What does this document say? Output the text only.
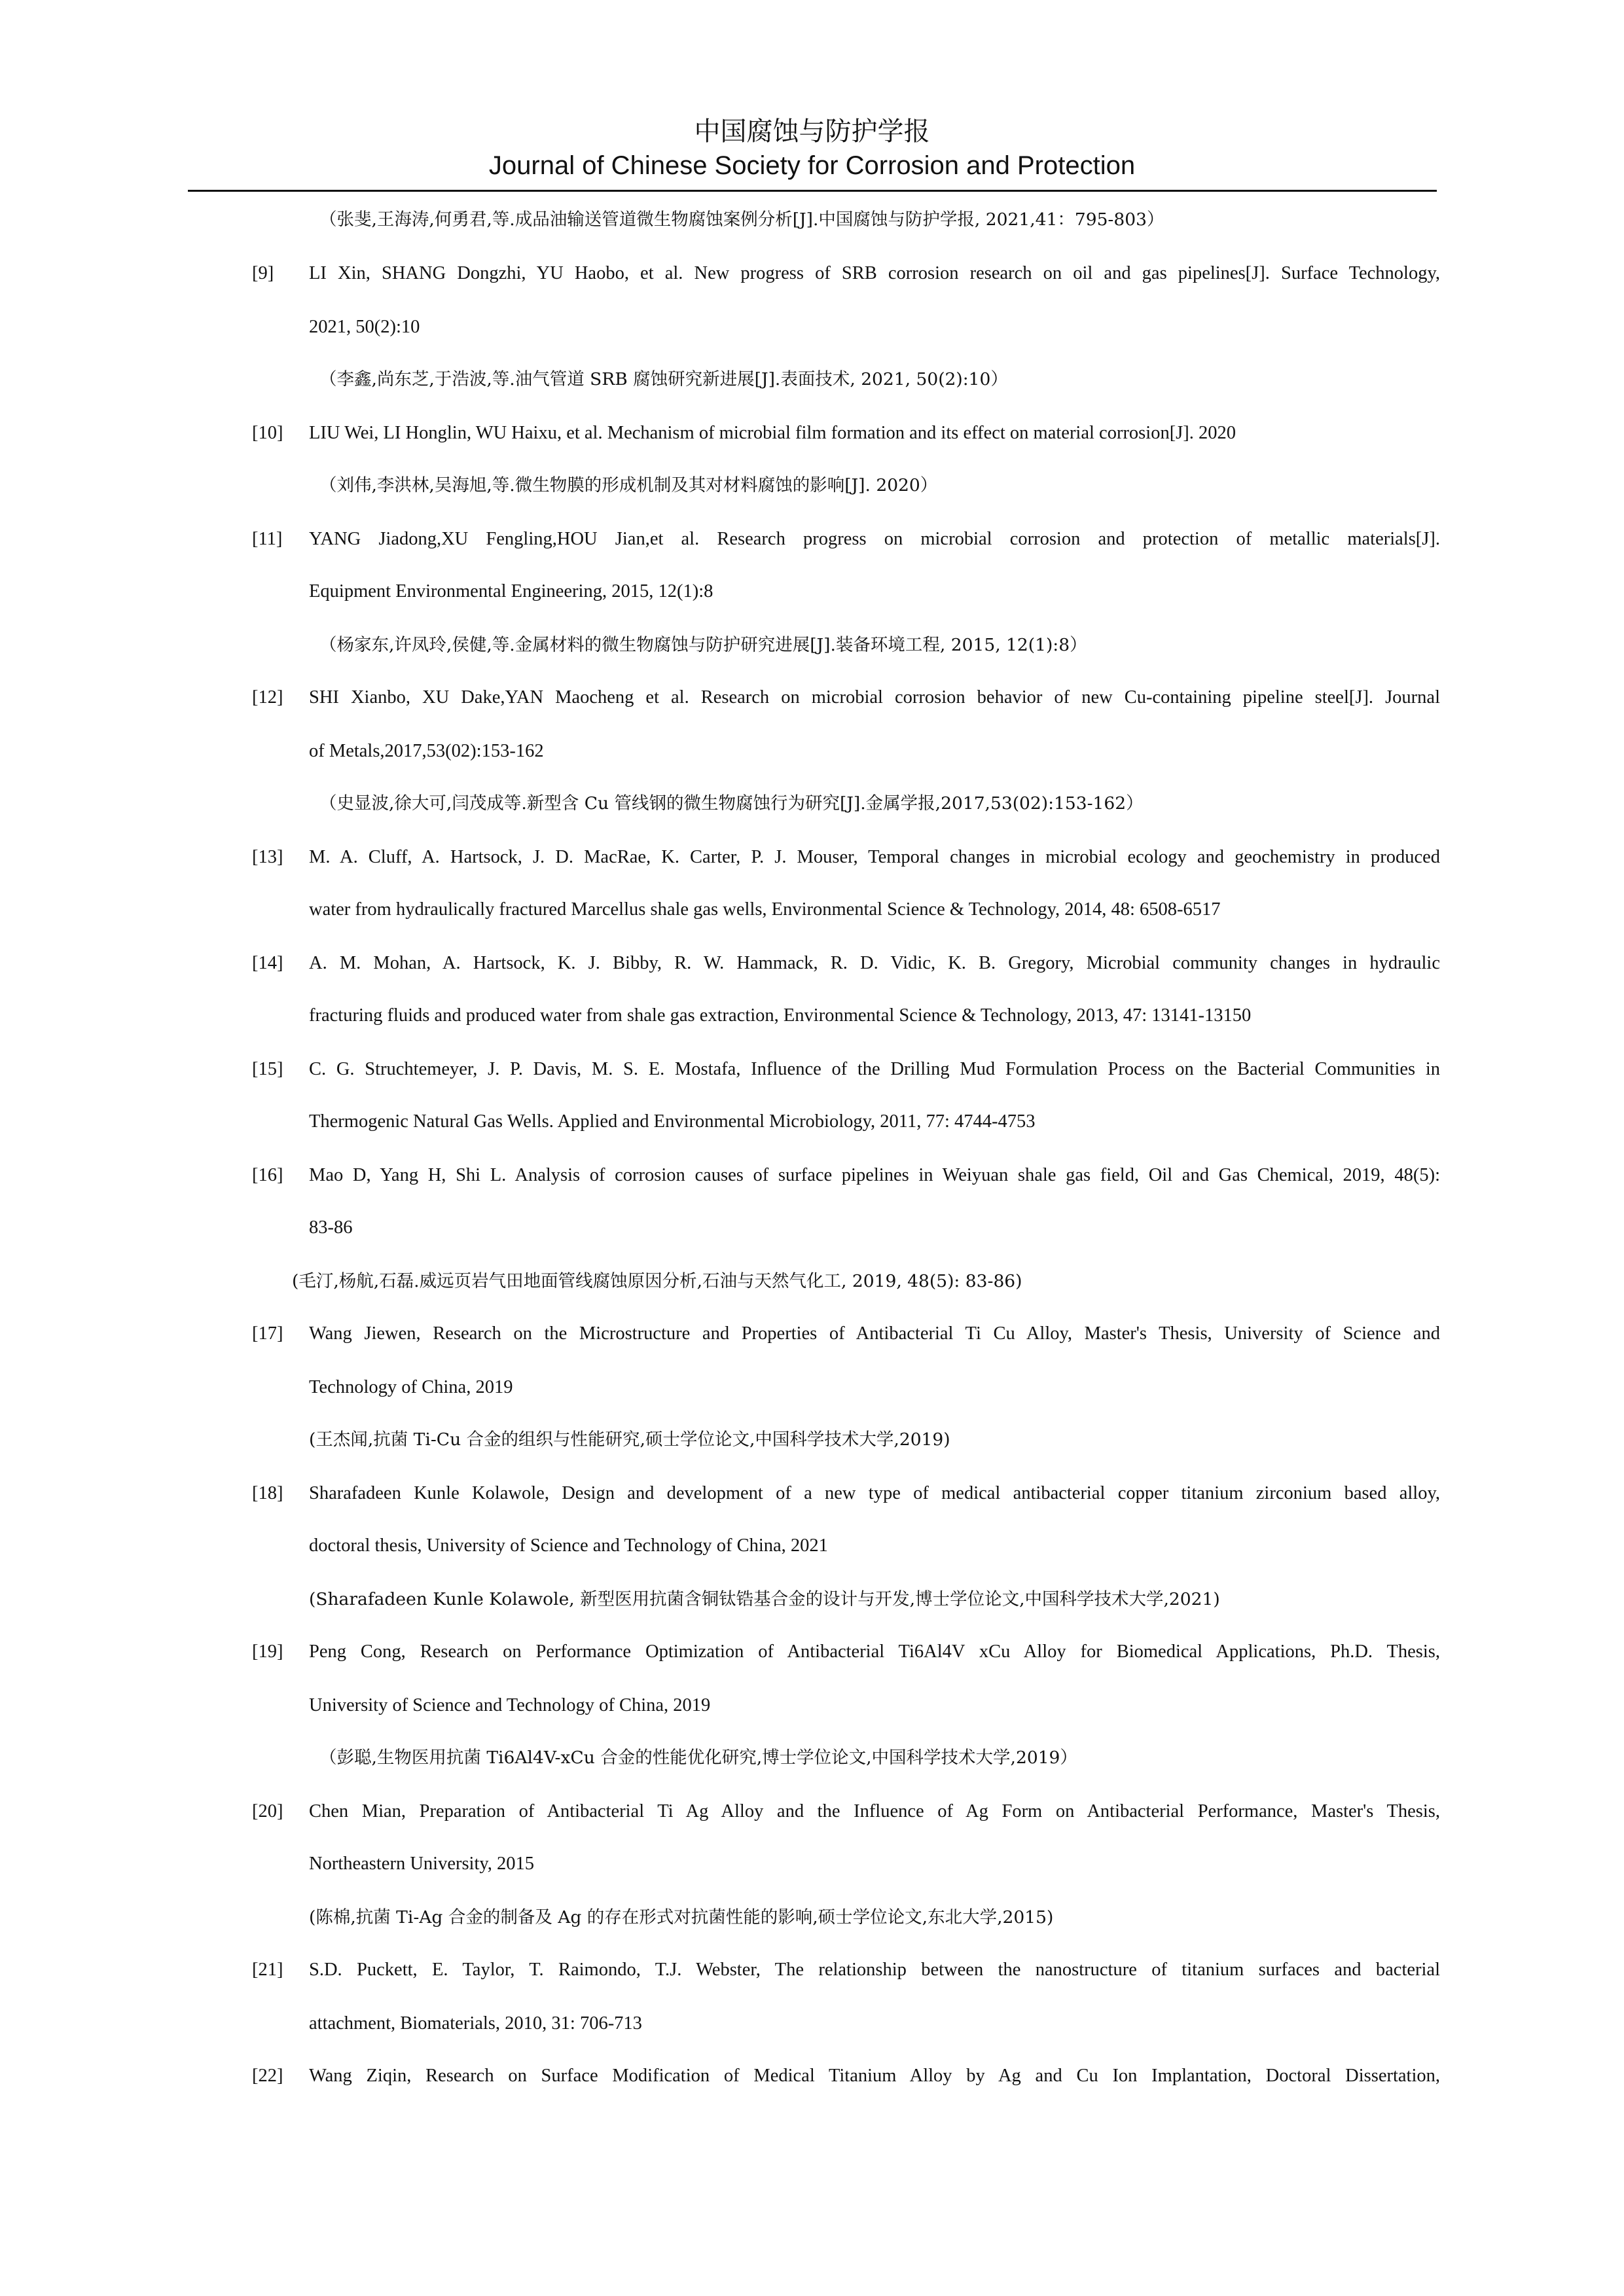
中国腐蚀与防护学报
Journal of Chinese Society for Corrosion and Protection
（张斐,王海涛,何勇君,等.成品油输送管道微生物腐蚀案例分析[J].中国腐蚀与防护学报, 2021,41：795-803）
[9] LI Xin, SHANG Dongzhi, YU Haobo, et al. New progress of SRB corrosion research on oil and gas pipelines[J]. Surface Technology,
2021, 50(2):10
（李鑫,尚东芝,于浩波,等.油气管道 SRB 腐蚀研究新进展[J].表面技术, 2021, 50(2):10）
[10] LIU Wei, LI Honglin, WU Haixu, et al. Mechanism of microbial film formation and its effect on material corrosion[J]. 2020
（刘伟,李洪林,吴海旭,等.微生物膜的形成机制及其对材料腐蚀的影响[J]. 2020）
[11] YANG Jiadong,XU Fengling,HOU Jian,et al. Research progress on microbial corrosion and protection of metallic materials[J].
Equipment Environmental Engineering, 2015, 12(1):8
（杨家东,许凤玲,侯健,等.金属材料的微生物腐蚀与防护研究进展[J].装备环境工程, 2015, 12(1):8）
[12] SHI Xianbo, XU Dake,YAN Maocheng et al. Research on microbial corrosion behavior of new Cu-containing pipeline steel[J]. Journal
of Metals,2017,53(02):153-162
（史显波,徐大可,闫茂成等.新型含 Cu 管线钢的微生物腐蚀行为研究[J].金属学报,2017,53(02):153-162）
[13] M. A. Cluff, A. Hartsock, J. D. MacRae, K. Carter, P. J. Mouser, Temporal changes in microbial ecology and geochemistry in produced
water from hydraulically fractured Marcellus shale gas wells, Environmental Science & Technology, 2014, 48: 6508-6517
[14] A. M. Mohan, A. Hartsock, K. J. Bibby, R. W. Hammack, R. D. Vidic, K. B. Gregory, Microbial community changes in hydraulic
fracturing fluids and produced water from shale gas extraction, Environmental Science & Technology, 2013, 47: 13141-13150
[15] C. G. Struchtemeyer, J. P. Davis, M. S. E. Mostafa, Influence of the Drilling Mud Formulation Process on the Bacterial Communities in
Thermogenic Natural Gas Wells. Applied and Environmental Microbiology, 2011, 77: 4744-4753
[16] Mao D, Yang H, Shi L. Analysis of corrosion causes of surface pipelines in Weiyuan shale gas field, Oil and Gas Chemical, 2019, 48(5):
83-86
(毛汀,杨航,石磊.威远页岩气田地面管线腐蚀原因分析,石油与天然气化工, 2019, 48(5): 83-86)
[17] Wang Jiewen, Research on the Microstructure and Properties of Antibacterial Ti Cu Alloy, Master's Thesis, University of Science and
Technology of China, 2019
(王杰闻,抗菌 Ti-Cu 合金的组织与性能研究,硕士学位论文,中国科学技术大学,2019)
[18] Sharafadeen Kunle Kolawole, Design and development of a new type of medical antibacterial copper titanium zirconium based alloy,
doctoral thesis, University of Science and Technology of China, 2021
(Sharafadeen Kunle Kolawole, 新型医用抗菌含铜钛锆基合金的设计与开发,博士学位论文,中国科学技术大学,2021)
[19] Peng Cong, Research on Performance Optimization of Antibacterial Ti6Al4V xCu Alloy for Biomedical Applications, Ph.D. Thesis,
University of Science and Technology of China, 2019
（彭聪,生物医用抗菌 Ti6Al4V-xCu 合金的性能优化研究,博士学位论文,中国科学技术大学,2019）
[20] Chen Mian, Preparation of Antibacterial Ti Ag Alloy and the Influence of Ag Form on Antibacterial Performance, Master's Thesis,
Northeastern University, 2015
(陈棉,抗菌 Ti-Ag 合金的制备及 Ag 的存在形式对抗菌性能的影响,硕士学位论文,东北大学,2015)
[21] S.D. Puckett, E. Taylor, T. Raimondo, T.J. Webster, The relationship between the nanostructure of titanium surfaces and bacterial
attachment, Biomaterials, 2010, 31: 706-713
[22] Wang Ziqin, Research on Surface Modification of Medical Titanium Alloy by Ag and Cu Ion Implantation, Doctoral Dissertation,
